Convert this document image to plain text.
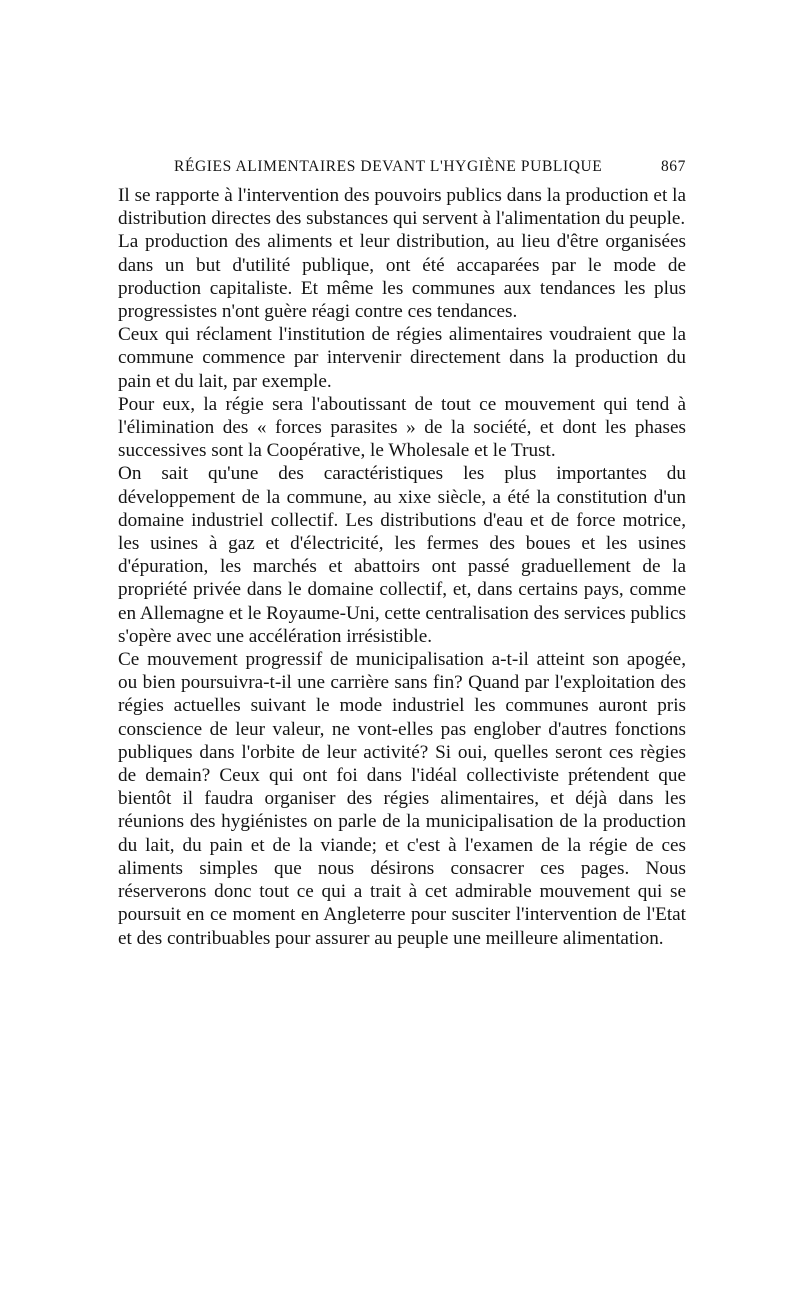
RÉGIES ALIMENTAIRES DEVANT L'HYGIÈNE PUBLIQUE	867

Il se rapporte à l'intervention des pouvoirs publics dans la production et la distribution directes des substances qui servent à l'alimentation du peuple.

La production des aliments et leur distribution, au lieu d'être organisées dans un but d'utilité publique, ont été accaparées par le mode de production capitaliste. Et même les communes aux tendances les plus progressistes n'ont guère réagi contre ces tendances.

Ceux qui réclament l'institution de régies alimentaires voudraient que la commune commence par intervenir directement dans la production du pain et du lait, par exemple.

Pour eux, la régie sera l'aboutissant de tout ce mouvement qui tend à l'élimination des « forces parasites » de la société, et dont les phases successives sont la Coopérative, le Wholesale et le Trust.

On sait qu'une des caractéristiques les plus importantes du développement de la commune, au xixe siècle, a été la constitution d'un domaine industriel collectif. Les distributions d'eau et de force motrice, les usines à gaz et d'électricité, les fermes des boues et les usines d'épuration, les marchés et abattoirs ont passé graduellement de la propriété privée dans le domaine collectif, et, dans certains pays, comme en Allemagne et le Royaume-Uni, cette centralisation des services publics s'opère avec une accélération irrésistible.

Ce mouvement progressif de municipalisation a-t-il atteint son apogée, ou bien poursuivra-t-il une carrière sans fin? Quand par l'exploitation des régies actuelles suivant le mode industriel les communes auront pris conscience de leur valeur, ne vont-elles pas englober d'autres fonctions publiques dans l'orbite de leur activité? Si oui, quelles seront ces règies de demain? Ceux qui ont foi dans l'idéal collectiviste prétendent que bientôt il faudra organiser des régies alimentaires, et déjà dans les réunions des hygiénistes on parle de la municipalisation de la production du lait, du pain et de la viande; et c'est à l'examen de la régie de ces aliments simples que nous désirons consacrer ces pages. Nous réserverons donc tout ce qui a trait à cet admirable mouvement qui se poursuit en ce moment en Angleterre pour susciter l'intervention de l'Etat et des contribuables pour assurer au peuple une meilleure alimentation.
